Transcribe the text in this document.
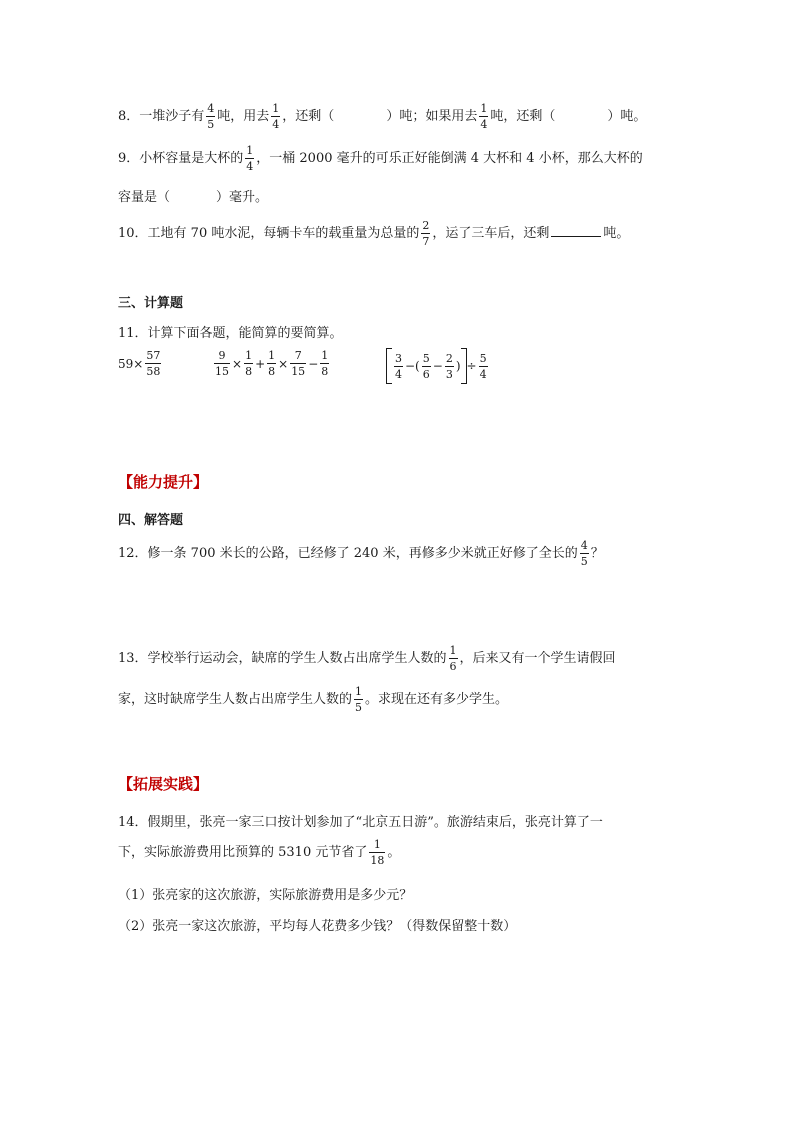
8．一堆沙子有 $\frac{4}{5}$ 吨，用去 $\frac{1}{4}$ ，还剩（	）吨；如果用去 $\frac{1}{4}$ 吨，还剩（	）吨。
9．小杯容量是大杯的 $\frac{1}{4}$ ，一桶 2000 毫升的可乐正好能倒满 4 大杯和 4 小杯，那么大杯的
容量是（	）毫升。
10．工地有 70 吨水泥，每辆卡车的载重量为总量的 $\frac{2}{7}$ ，运了三车后，还剩	吨。
三、计算题
11．计算下面各题，能简算的要简算。
$59\times \frac{57}{58}$	$\frac{9}{15} \times \frac{1}{8} + \frac{1}{8} \times \frac{7}{15} - \frac{1}{8}$	$\frac{3}{4}$ −( $\frac{5}{6} - \frac{2}{3}$ ) ÷ $\frac{5}{4}$
【能力提升】
四、解答题
12．修一条 700 米长的公路，已经修了 240 米，再修多少米就正好修了全长的 $\frac{4}{5}$ ？
13．学校举行运动会，缺席的学生人数占出席学生人数的 $\frac{1}{6}$ ，后来又有一个学生请假回
家，这时缺席学生人数占出席学生人数的 $\frac{1}{5}$ 。求现在还有多少学生。
【拓展实践】
14．假期里，张亮一家三口按计划参加了“北京五日游”。旅游结束后，张亮计算了一
下，实际旅游费用比预算的 5310 元节省了 $\frac{1}{18}$ 。
（1）张亮家的这次旅游，实际旅游费用是多少元？
（2）张亮一家这次旅游，平均每人花费多少钱？（得数保留整十数）
